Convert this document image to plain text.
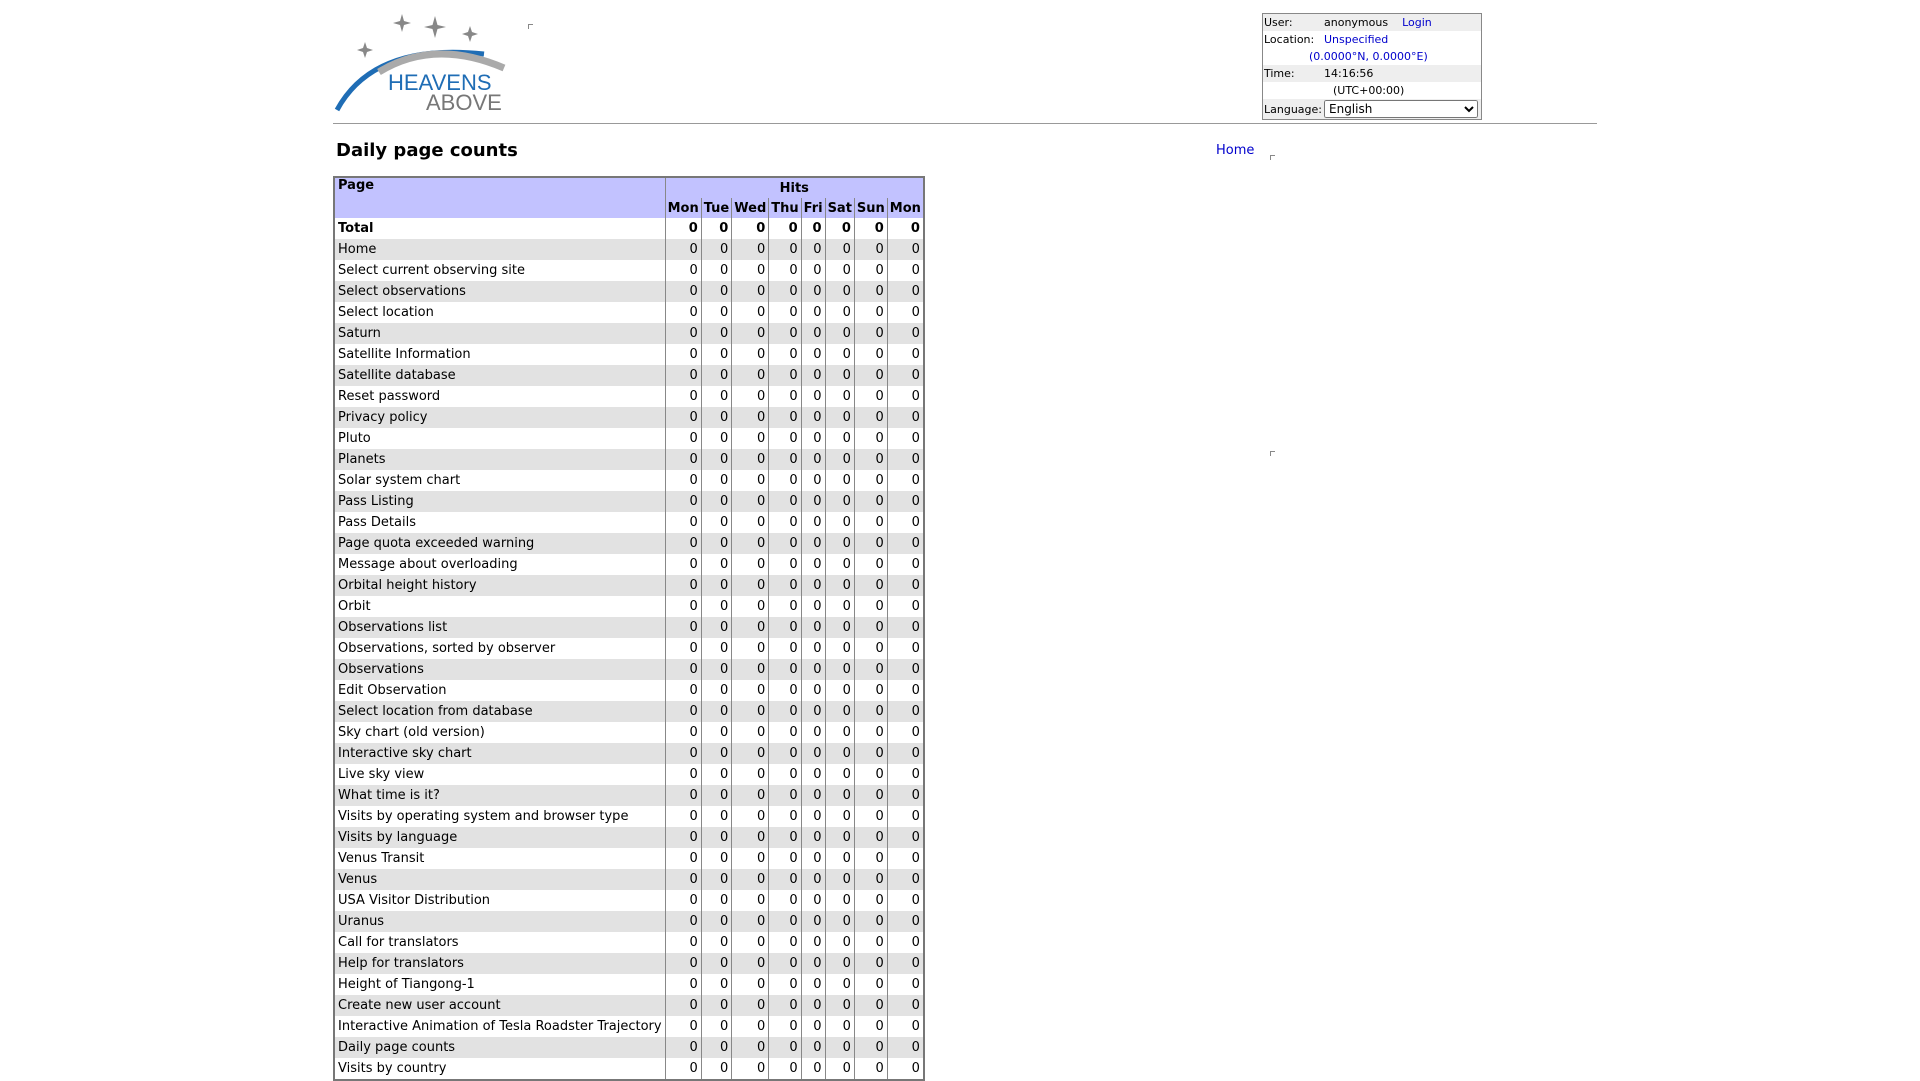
HEAVENS
ABOVE
User:	anonymous Login
Location: Unspecified
(0.0000°N, 0.0000°E)
Time:	14:16:56
(UTC+00:00)
Language:
English
Daily page counts	Home
Page	Hits							
	Mon	Tue	Wed	Thu	Fri	Sat	Sun	Mon
Total	0	0	0	0	0	0	0	0
Home	0	0	0	0	0	0	0	0
Select current observing site	0	0	0	0	0	0	0	0
Select observations	0	0	0	0	0	0	0	0
Select location	0	0	0	0	0	0	0	0
Saturn	0	0	0	0	0	0	0	0
Satellite Information	0	0	0	0	0	0	0	0
Satellite database	0	0	0	0	0	0	0	0
Reset password	0	0	0	0	0	0	0	0
Privacy policy	0	0	0	0	0	0	0	0
Pluto	0	0	0	0	0	0	0	0
Planets	0	0	0	0	0	0	0	0
Solar system chart	0	0	0	0	0	0	0	0
Pass Listing	0	0	0	0	0	0	0	0
Pass Details	0	0	0	0	0	0	0	0
Page quota exceeded warning	0	0	0	0	0	0	0	0
Message about overloading	0	0	0	0	0	0	0	0
Orbital height history	0	0	0	0	0	0	0	0
Orbit	0	0	0	0	0	0	0	0
Observations list	0	0	0	0	0	0	0	0
Observations, sorted by observer	0	0	0	0	0	0	0	0
Observations	0	0	0	0	0	0	0	0
Edit Observation	0	0	0	0	0	0	0	0
Select location from database	0	0	0	0	0	0	0	0
Sky chart (old version)	0	0	0	0	0	0	0	0
Interactive sky chart	0	0	0	0	0	0	0	0
Live sky view	0	0	0	0	0	0	0	0
What time is it?	0	0	0	0	0	0	0	0
Visits by operating system and browser type	0	0	0	0	0	0	0	0
Visits by language	0	0	0	0	0	0	0	0
Venus Transit	0	0	0	0	0	0	0	0
Venus	0	0	0	0	0	0	0	0
USA Visitor Distribution	0	0	0	0	0	0	0	0
Uranus	0	0	0	0	0	0	0	0
Call for translators	0	0	0	0	0	0	0	0
Help for translators	0	0	0	0	0	0	0	0
Height of Tiangong-1	0	0	0	0	0	0	0	0
Create new user account	0	0	0	0	0	0	0	0
Interactive Animation of Tesla Roadster Trajectory	0	0	0	0	0	0	0	0
Daily page counts	0	0	0	0	0	0	0	0
Visits by country	0	0	0	0	0	0	0	0
